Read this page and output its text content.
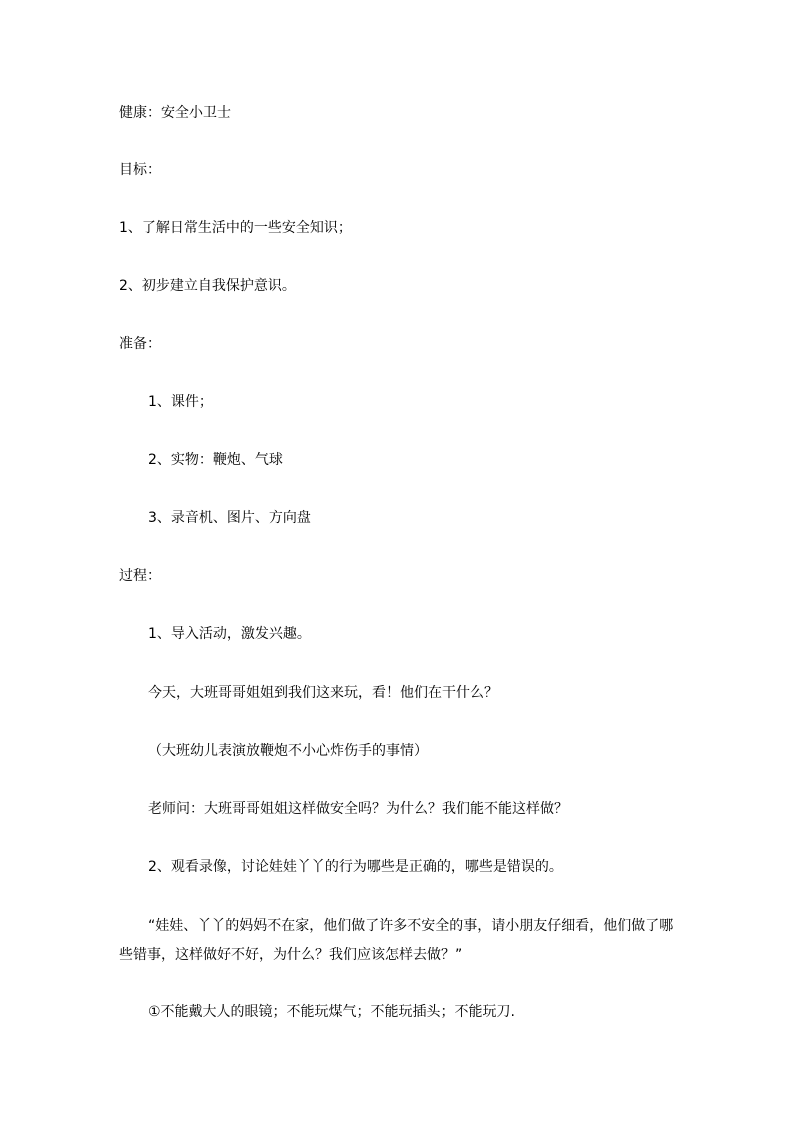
健康：安全小卫士
目标：
1、了解日常生活中的一些安全知识；
2、初步建立自我保护意识。
准备：
1、课件；
2、实物：鞭炮、气球
3、录音机、图片、方向盘
过程：
1、导入活动，激发兴趣。
今天，大班哥哥姐姐到我们这来玩，看！他们在干什么？
（大班幼儿表演放鞭炮不小心炸伤手的事情）
老师问：大班哥哥姐姐这样做安全吗？为什么？我们能不能这样做？
2、观看录像，讨论娃娃丫丫的行为哪些是正确的，哪些是错误的。
“娃娃、丫丫的妈妈不在家，他们做了许多不安全的事，请小朋友仔细看，他们做了哪些错事，这样做好不好，为什么？我们应该怎样去做？”
①不能戴大人的眼镜；不能玩煤气；不能玩插头；不能玩刀.
